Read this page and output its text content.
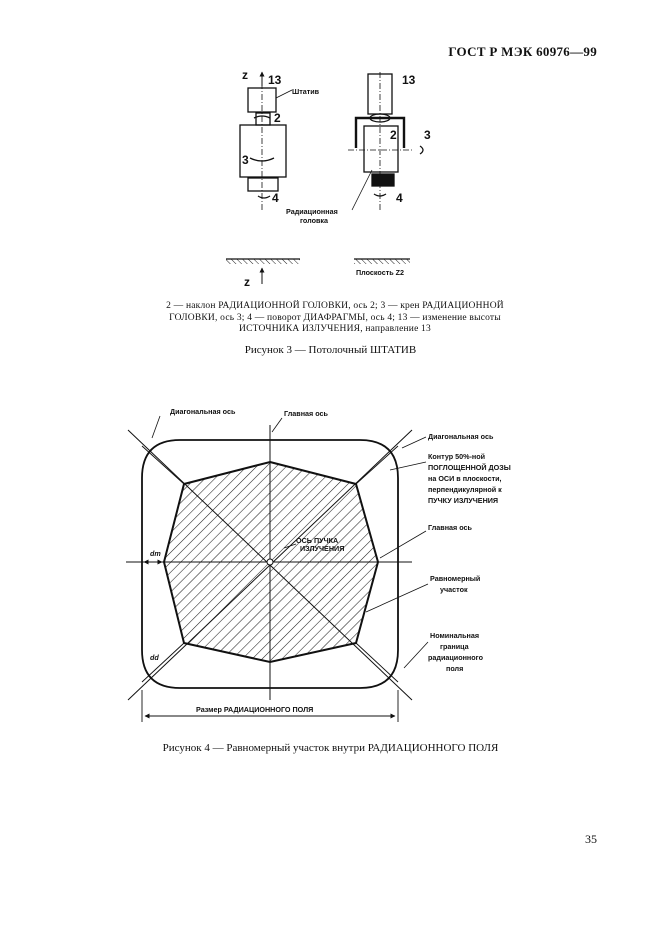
ГОСТ Р МЭК 60976—99
z 13
Штатив
2
3
4
13
2 3
4
Радиационная
головка
z
Плоскость Z2
Диагональная ось	Главная ось
Диагональная ось
Контур 50%-ной
ПОГЛОЩЕННОЙ ДОЗЫ
на ОСИ в плоскости,
перпендикулярной к
ПУЧКУ ИЗЛУЧЕНИЯ
ОСЬ ПУЧКА
ИЗЛУЧЕНИЯ
Главная ось
Равномерный
участок
Номинальная
граница
радиационного
поля
dm
dd
Размер РАДИАЦИОННОГО ПОЛЯ
2 — наклон РАДИАЦИОННОЙ ГОЛОВКИ, ось 2; 3 — крен РАДИАЦИОННОЙ
ГОЛОВКИ, ось 3; 4 — поворот ДИАФРАГМЫ, ось 4; 13 — изменение высоты
ИСТОЧНИКА ИЗЛУЧЕНИЯ, направление 13
Рисунок 3 — Потолочный ШТАТИВ
Рисунок 4 — Равномерный участок внутри РАДИАЦИОННОГО ПОЛЯ
35
